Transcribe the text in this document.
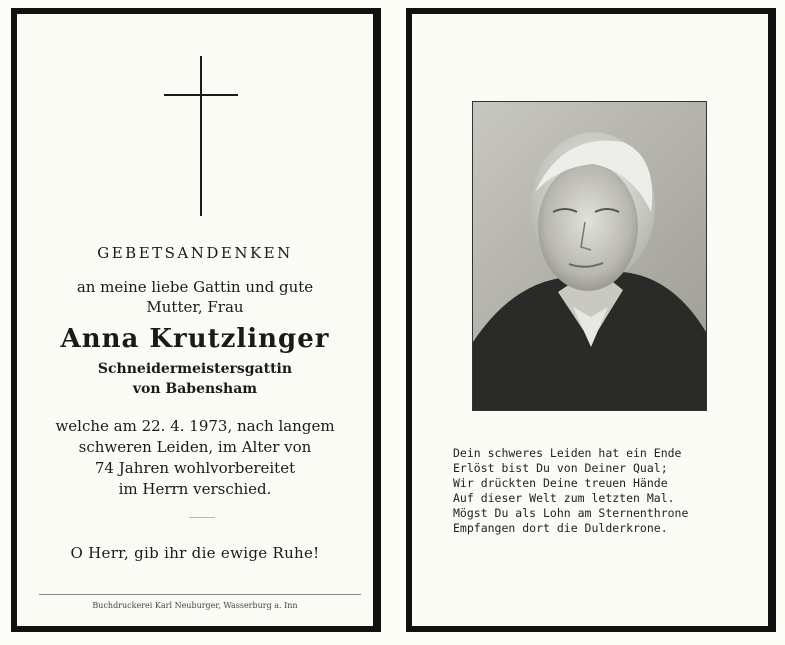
GEBETSANDENKEN
an meine liebe Gattin und gute
Mutter, Frau
Anna Krutzlinger
Schneidermeistersgattin
von Babensham
welche am 22. 4. 1973, nach langem
schweren Leiden, im Alter von
74 Jahren wohlvorbereitet
im Herrn verschied.
O Herr, gib ihr die ewige Ruhe!
Buchdruckerei Karl Neuburger, Wasserburg a. Inn
Dein schweres Leiden hat ein Ende
Erlöst bist Du von Deiner Qual;
Wir drückten Deine treuen Hände
Auf dieser Welt zum letzten Mal.
Mögst Du als Lohn am Sternenthrone
Empfangen dort die Dulderkrone.
